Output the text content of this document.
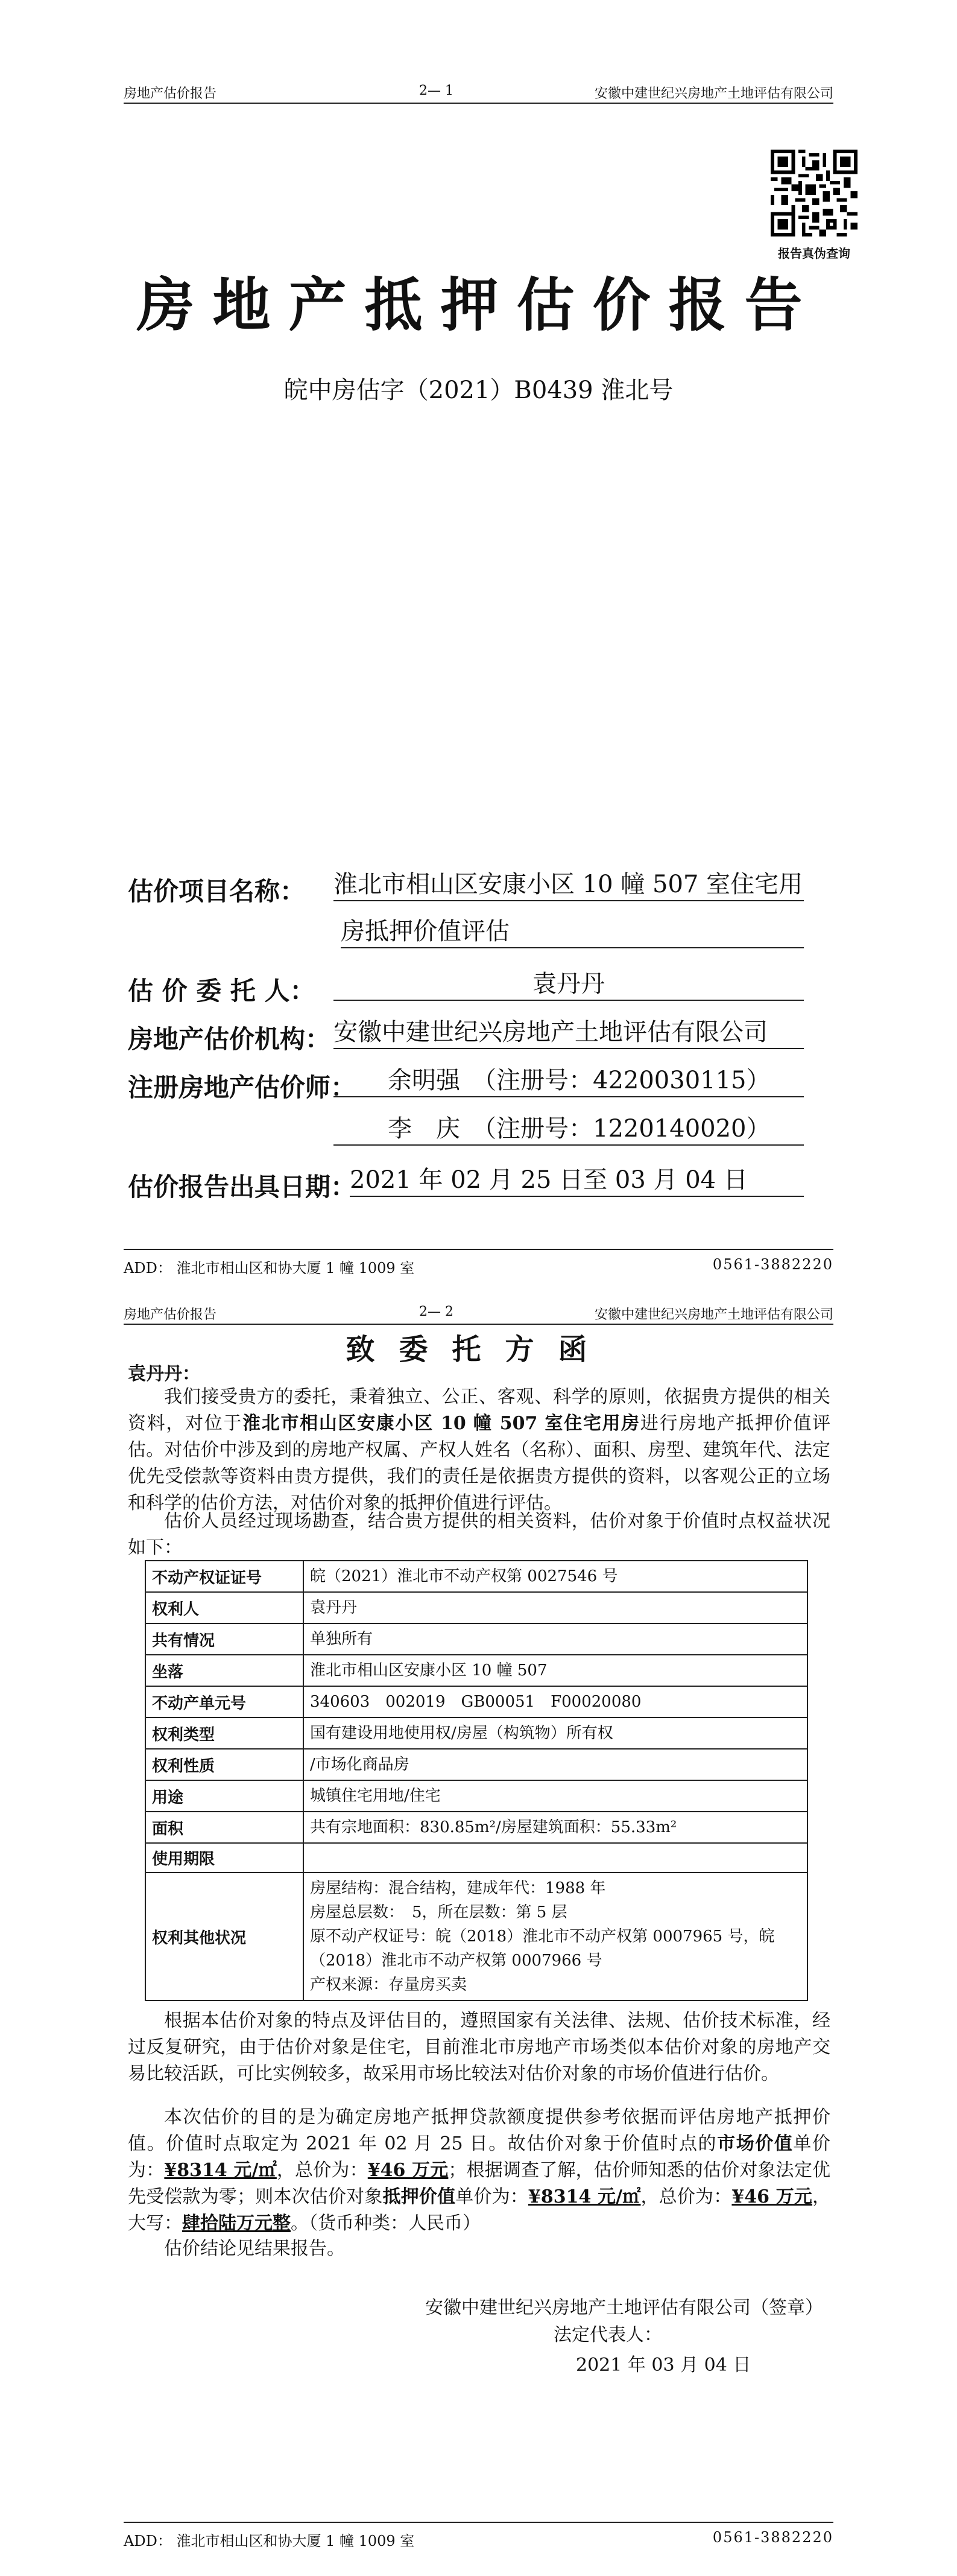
房地产估价报告	2— 1	安徽中建世纪兴房地产土地评估有限公司
报告真伪查询
房地产抵押估价报告
皖中房估字（2021）B0439 淮北号
估价项目名称： 淮北市相山区安康小区 10 幢 507 室住宅用
房抵押价值评估
估 价 委 托 人：	袁丹丹
房地产估价机构： 安徽中建世纪兴房地产土地评估有限公司
注册房地产估价师：	余明强　（注册号：4220030115）
李　庆　（注册号：1220140020）
估价报告出具日期：
2021 年 02 月 25 日至 03 月 04 日
ADD： 淮北市相山区和协大厦 1 幢 1009 室	0561-3882220
房地产估价报告	2— 2	安徽中建世纪兴房地产土地评估有限公司
致委托方函
袁丹丹：

我们接受贵方的委托，秉着独立、公正、客观、科学的原则，依据贵方提供的相关资料，对位于淮北市相山区安康小区 10 幢 507 室住宅用房进行房地产抵押价值评估。对估价中涉及到的房地产权属、产权人姓名（名称）、面积、房型、建筑年代、法定优先受偿款等资料由贵方提供，我们的责任是依据贵方提供的资料，以客观公正的立场和科学的估价方法，对估价对象的抵押价值进行评估。

估价人员经过现场勘查，结合贵方提供的相关资料，估价对象于价值时点权益状况如下：

不动产权证证号	皖（2021）淮北市不动产权第 0027546 号
权利人	袁丹丹
共有情况	单独所有
坐落	淮北市相山区安康小区 10 幢 507
不动产单元号	340603　002019　GB00051　F00020080
权利类型	国有建设用地使用权/房屋（构筑物）所有权
权利性质	/市场化商品房
用途	城镇住宅用地/住宅
面积	共有宗地面积：830.85m²/房屋建筑面积：55.33m²
使用期限	
权利其他状况	房屋结构：混合结构，建成年代：1988 年
房屋总层数：　5，所在层数：第 5 层
原不动产权证号：皖（2018）淮北市不动产权第 0007965 号，皖（2018）淮北市不动产权第 0007966 号
产权来源：存量房买卖

根据本估价对象的特点及评估目的，遵照国家有关法律、法规、估价技术标准，经过反复研究，由于估价对象是住宅，目前淮北市房地产市场类似本估价对象的房地产交易比较活跃，可比实例较多，故采用市场比较法对估价对象的市场价值进行估价。

本次估价的目的是为确定房地产抵押贷款额度提供参考依据而评估房地产抵押价值。价值时点取定为 2021 年 02 月 25 日。故估价对象于价值时点的市场价值单价为：¥8314 元/㎡，总价为：¥46 万元；根据调查了解，估价师知悉的估价对象法定优先受偿款为零；则本次估价对象抵押价值单价为：¥8314 元/㎡，总价为：¥46 万元，大写：肆拾陆万元整。（货币种类：人民币）

估价结论见结果报告。

安徽中建世纪兴房地产土地评估有限公司（签章）
法定代表人：
2021 年 03 月 04 日
ADD： 淮北市相山区和协大厦 1 幢 1009 室	0561-3882220
